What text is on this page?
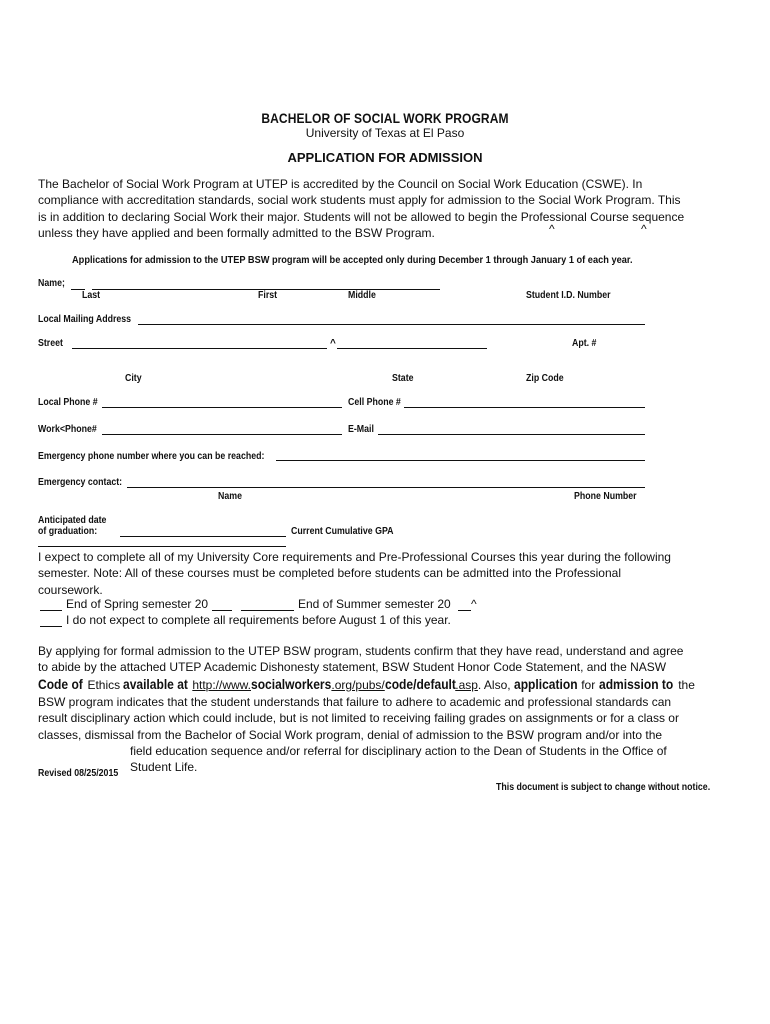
BACHELOR OF SOCIAL WORK PROGRAM
University of Texas at El Paso
APPLICATION FOR ADMISSION
The Bachelor of Social Work Program at UTEP is accredited by the Council on Social Work Education (CSWE). In
compliance with accreditation standards, social work students must apply for admission to the Social Work Program. This
is in addition to declaring Social Work their major. Students will not be allowed to begin the Professional Course sequence
unless they have applied and been formally admitted to the BSW Program.	^	^
Applications for admission to the UTEP BSW program will be accepted only during December 1 through January 1 of each year.
Name;
Last	First	Middle	Student I.D. Number
Local Mailing Address
Street	^	Apt. #
City	State	Zip Code
Local Phone #	Cell Phone #
Work<Phone#	E-Mail
Emergency phone number where you can be reached:
Emergency contact:
Name	Phone Number
Anticipated date
of graduation:	Current Cumulative GPA
I expect to complete all of my University Core requirements and Pre-Professional Courses this year during the following
semester. Note: All of these courses must be completed before students can be admitted into the Professional
coursework.
End of Spring semester 20	End of Summer semester 20 ^
I do not expect to complete all requirements before August 1 of this year.
By applying for formal admission to the UTEP BSW program, students confirm that they have read, understand and agree
to abide by the attached UTEP Academic Dishonesty statement, BSW Student Honor Code Statement, and the NASW
Code of Ethics available at http://www.socialworkers.org/pubs/code/default.asp. Also, application for admission to the
BSW program indicates that the student understands that failure to adhere to academic and professional standards can
result disciplinary action which could include, but is not limited to receiving failing grades on assignments or for a class or
classes, dismissal from the Bachelor of Social Work program, denial of admission to the BSW program and/or into the
field education sequence and/or referral for disciplinary action to the Dean of Students in the Office of
Student Life.
Revised 08/25/2015
This document is subject to change without notice.
